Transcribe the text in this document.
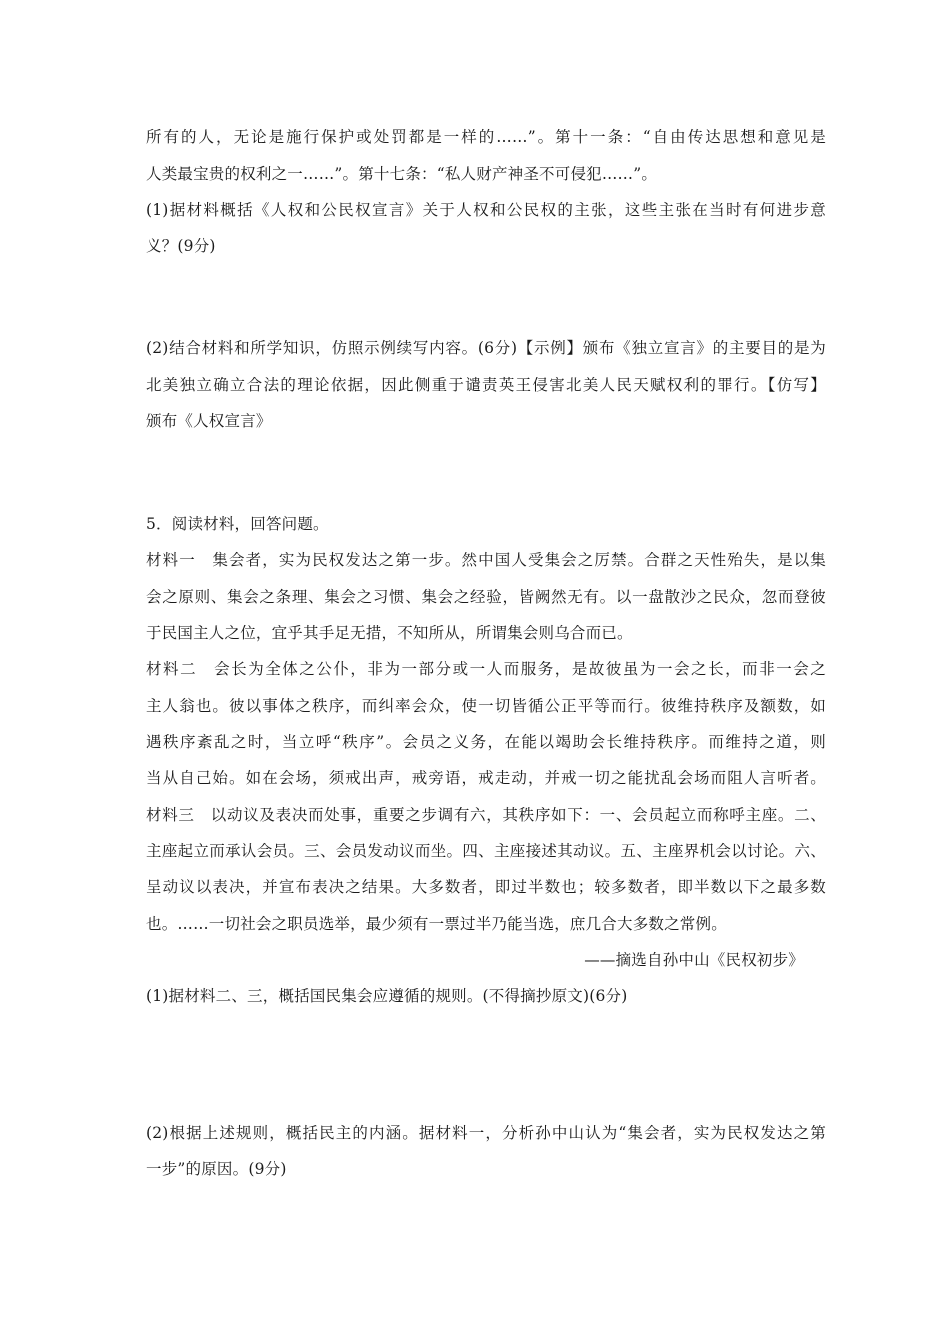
所有的人，无论是施行保护或处罚都是一样的……”。第十一条：“自由传达思想和意见是
人类最宝贵的权利之一……”。第十七条：“私人财产神圣不可侵犯……”。
(1)据材料概括《人权和公民权宣言》关于人权和公民权的主张，这些主张在当时有何进步意
义？(9分)
(2)结合材料和所学知识，仿照示例续写内容。(6分)【示例】颁布《独立宣言》的主要目的是为
北美独立确立合法的理论依据，因此侧重于谴责英王侵害北美人民天赋权利的罪行。【仿写】
颁布《人权宣言》
5．阅读材料，回答问题。
材料一　集会者，实为民权发达之第一步。然中国人受集会之厉禁。合群之天性殆失，是以集
会之原则、集会之条理、集会之习惯、集会之经验，皆阙然无有。以一盘散沙之民众，忽而登彼
于民国主人之位，宜乎其手足无措，不知所从，所谓集会则乌合而已。
材料二　会长为全体之公仆，非为一部分或一人而服务，是故彼虽为一会之长，而非一会之
主人翁也。彼以事体之秩序，而纠率会众，使一切皆循公正平等而行。彼维持秩序及额数，如
遇秩序紊乱之时，当立呼“秩序”。会员之义务，在能以竭助会长维持秩序。而维持之道，则
当从自己始。如在会场，须戒出声，戒旁语，戒走动，并戒一切之能扰乱会场而阻人言听者。
材料三　以动议及表决而处事，重要之步调有六，其秩序如下：一、会员起立而称呼主座。二、
主座起立而承认会员。三、会员发动议而坐。四、主座接述其动议。五、主座界机会以讨论。六、
呈动议以表决，并宣布表决之结果。大多数者，即过半数也；较多数者，即半数以下之最多数
也。……一切社会之职员选举，最少须有一票过半乃能当选，庶几合大多数之常例。
——摘选自孙中山《民权初步》
(1)据材料二、三，概括国民集会应遵循的规则。(不得摘抄原文)(6分)
(2)根据上述规则，概括民主的内涵。据材料一，分析孙中山认为“集会者，实为民权发达之第
一步”的原因。(9分)
